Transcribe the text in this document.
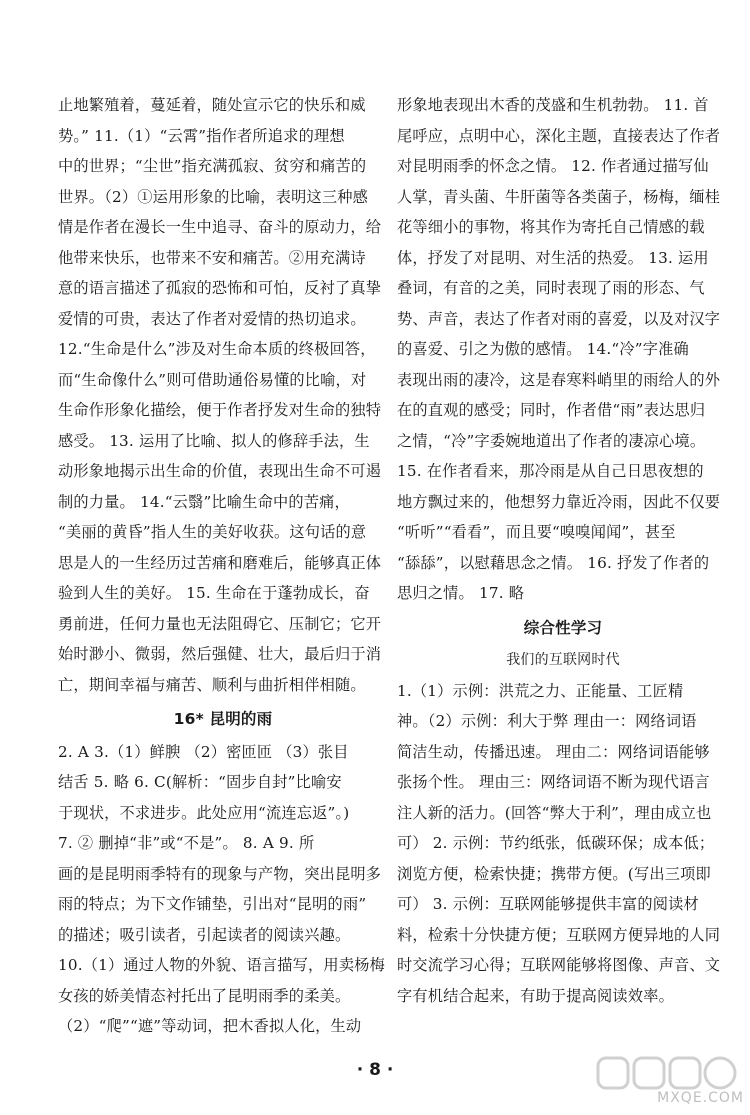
止地繁殖着，蔓延着，随处宣示它的快乐和威

势。” 11.（1）“云霄”指作者所追求的理想

中的世界；“尘世”指充满孤寂、贫穷和痛苦的

世界。（2）①运用形象的比喻，表明这三种感

情是作者在漫长一生中追寻、奋斗的原动力，给

他带来快乐，也带来不安和痛苦。②用充满诗

意的语言描述了孤寂的恐怖和可怕，反衬了真挚

爱情的可贵，表达了作者对爱情的热切追求。

12.“生命是什么”涉及对生命本质的终极回答，

而“生命像什么”则可借助通俗易懂的比喻，对

生命作形象化描绘，便于作者抒发对生命的独特

感受。 13. 运用了比喻、拟人的修辞手法，生

动形象地揭示出生命的价值，表现出生命不可遏

制的力量。 14.“云翳”比喻生命中的苦痛，

“美丽的黄昏”指人生的美好收获。这句话的意

思是人的一生经历过苦痛和磨难后，能够真正体

验到人生的美好。 15. 生命在于蓬勃成长，奋

勇前进，任何力量也无法阻碍它、压制它；它开

始时渺小、微弱，然后强健、壮大，最后归于消

亡，期间幸福与痛苦、顺利与曲折相伴相随。

16* 昆明的雨

2. A 3.（1）鲜腴 （2）密匝匝 （3）张目

结舌 5. 略 6. C(解析：“固步自封”比喻安

于现状，不求进步。此处应用“流连忘返”。)

7. ② 删掉“非”或“不是”。 8. A 9. 所

画的是昆明雨季特有的现象与产物，突出昆明多

雨的特点；为下文作铺垫，引出对“昆明的雨”

的描述；吸引读者，引起读者的阅读兴趣。

10.（1）通过人物的外貌、语言描写，用卖杨梅

女孩的娇美情态衬托出了昆明雨季的柔美。

（2）“爬”“遮”等动词，把木香拟人化，生动

形象地表现出木香的茂盛和生机勃勃。 11. 首

尾呼应，点明中心，深化主题，直接表达了作者

对昆明雨季的怀念之情。 12. 作者通过描写仙

人掌，青头菌、牛肝菌等各类菌子，杨梅，缅桂

花等细小的事物，将其作为寄托自己情感的载

体，抒发了对昆明、对生活的热爱。 13. 运用

叠词，有音的之美，同时表现了雨的形态、气

势、声音，表达了作者对雨的喜爱，以及对汉字

的喜爱、引之为傲的感情。 14.“冷”字准确

表现出雨的凄冷，这是春寒料峭里的雨给人的外

在的直观的感受；同时，作者借“雨”表达思归

之情，“冷”字委婉地道出了作者的凄凉心境。

15. 在作者看来，那冷雨是从自己日思夜想的

地方飘过来的，他想努力靠近冷雨，因此不仅要

“听听”“看看”，而且要“嗅嗅闻闻”，甚至

“舔舔”，以慰藉思念之情。 16. 抒发了作者的

思归之情。 17. 略

综合性学习
我们的互联网时代

1.（1）示例：洪荒之力、正能量、工匠精

神。（2）示例：利大于弊 理由一：网络词语

简洁生动，传播迅速。 理由二：网络词语能够

张扬个性。 理由三：网络词语不断为现代语言

注人新的活力。(回答“弊大于利”，理由成立也

可） 2. 示例：节约纸张，低碳环保；成本低；

浏览方便，检索快捷；携带方便。(写出三项即

可） 3. 示例：互联网能够提供丰富的阅读材

料，检索十分快捷方便；互联网方便异地的人同

时交流学习心得；互联网能够将图像、声音、文

字有机结合起来，有助于提高阅读效率。

· 8 ·
MXQE.COM
